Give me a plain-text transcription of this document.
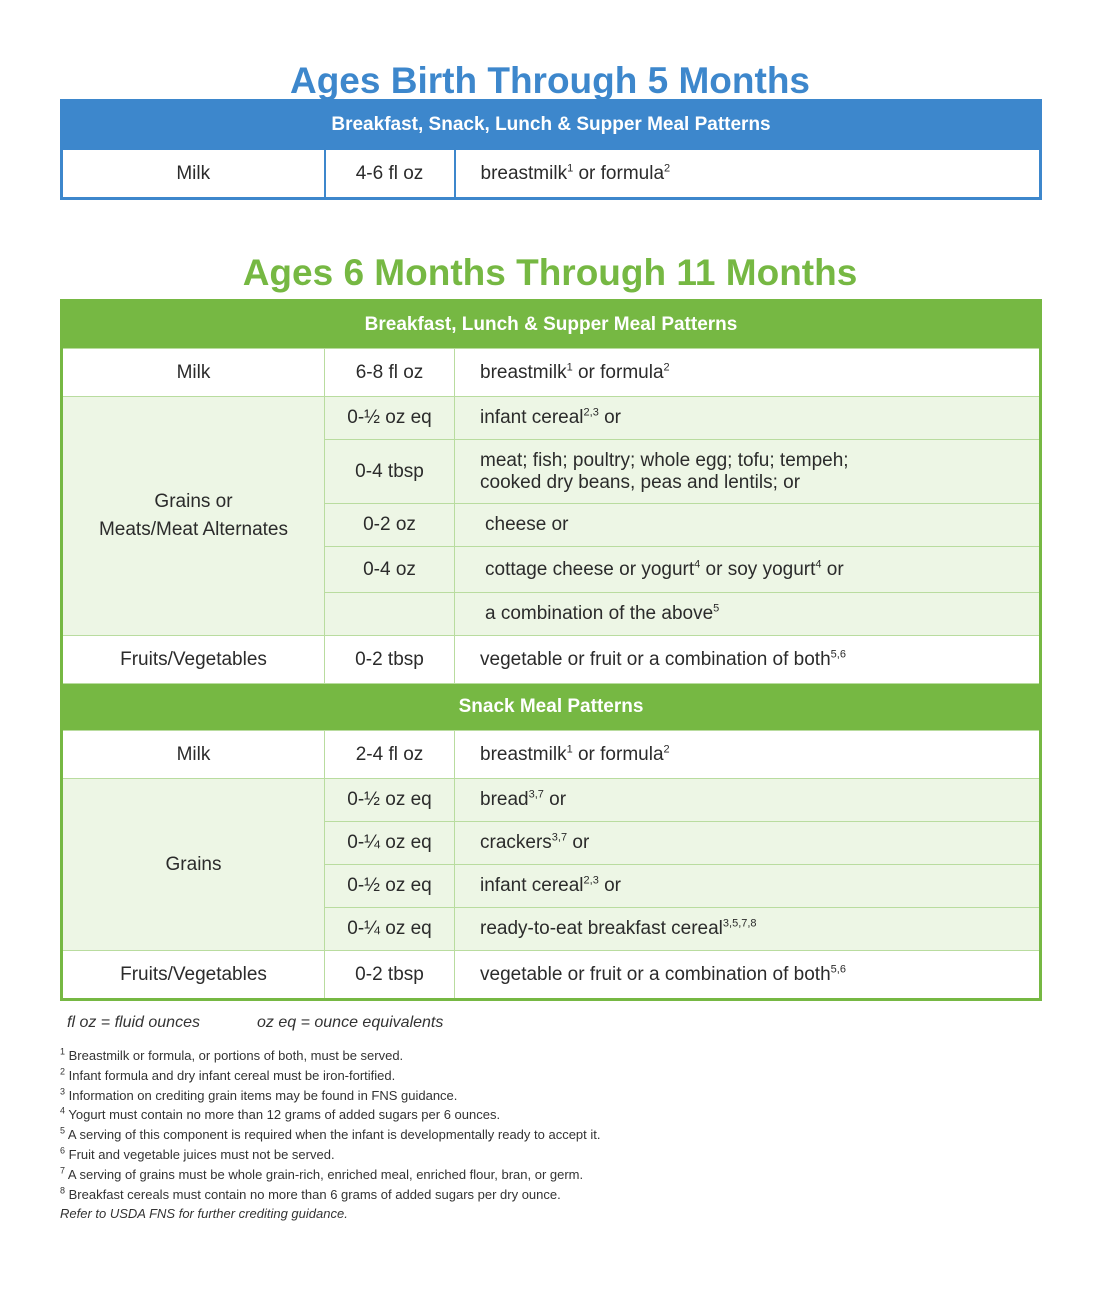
Ages Birth Through 5 Months
Breakfast, Snack, Lunch & Supper Meal Patterns
Milk	4-6 fl oz	breastmilk$^1$ or formula$^2$
Ages 6 Months Through 11 Months
Breakfast, Lunch & Supper Meal Patterns		
Milk	6-8 fl oz	breastmilk$^1$ or formula$^2$
Grains or
Meats/Meat Alternates	0-½ oz eq	infant cereal$^{2,3}$ or
	0-4 tbsp	meat; fish; poultry; whole egg; tofu; tempeh;
cooked dry beans, peas and lentils; or
	0-2 oz	cheese or
	0-4 oz	cottage cheese or yogurt$^4$ or soy yogurt$^4$ or
		a combination of the above$^5$
Fruits/Vegetables	0-2 tbsp	vegetable or fruit or a combination of both$^{5,6}$
Snack Meal Patterns		
Milk	2-4 fl oz	breastmilk$^1$ or formula$^2$
Grains	0-½ oz eq	bread$^{3,7}$ or
	0-¼ oz eq	crackers$^{3,7}$ or
	0-½ oz eq	infant cereal$^{2,3}$ or
	0-¼ oz eq	ready-to-eat breakfast cereal$^{3,5,7,8}$
Fruits/Vegetables	0-2 tbsp	vegetable or fruit or a combination of both$^{5,6}$
fl oz = fluid ounces	oz eq = ounce equivalents
$^1$ Breastmilk or formula, or portions of both, must be served.
$^2$ Infant formula and dry infant cereal must be iron-fortified.
$^3$ Information on crediting grain items may be found in FNS guidance.
$^4$ Yogurt must contain no more than 12 grams of added sugars per 6 ounces.
$^5$ A serving of this component is required when the infant is developmentally ready to accept it.
$^6$ Fruit and vegetable juices must not be served.
$^7$ A serving of grains must be whole grain-rich, enriched meal, enriched flour, bran, or germ.
$^8$ Breakfast cereals must contain no more than 6 grams of added sugars per dry ounce.
Refer to USDA FNS for further crediting guidance.
